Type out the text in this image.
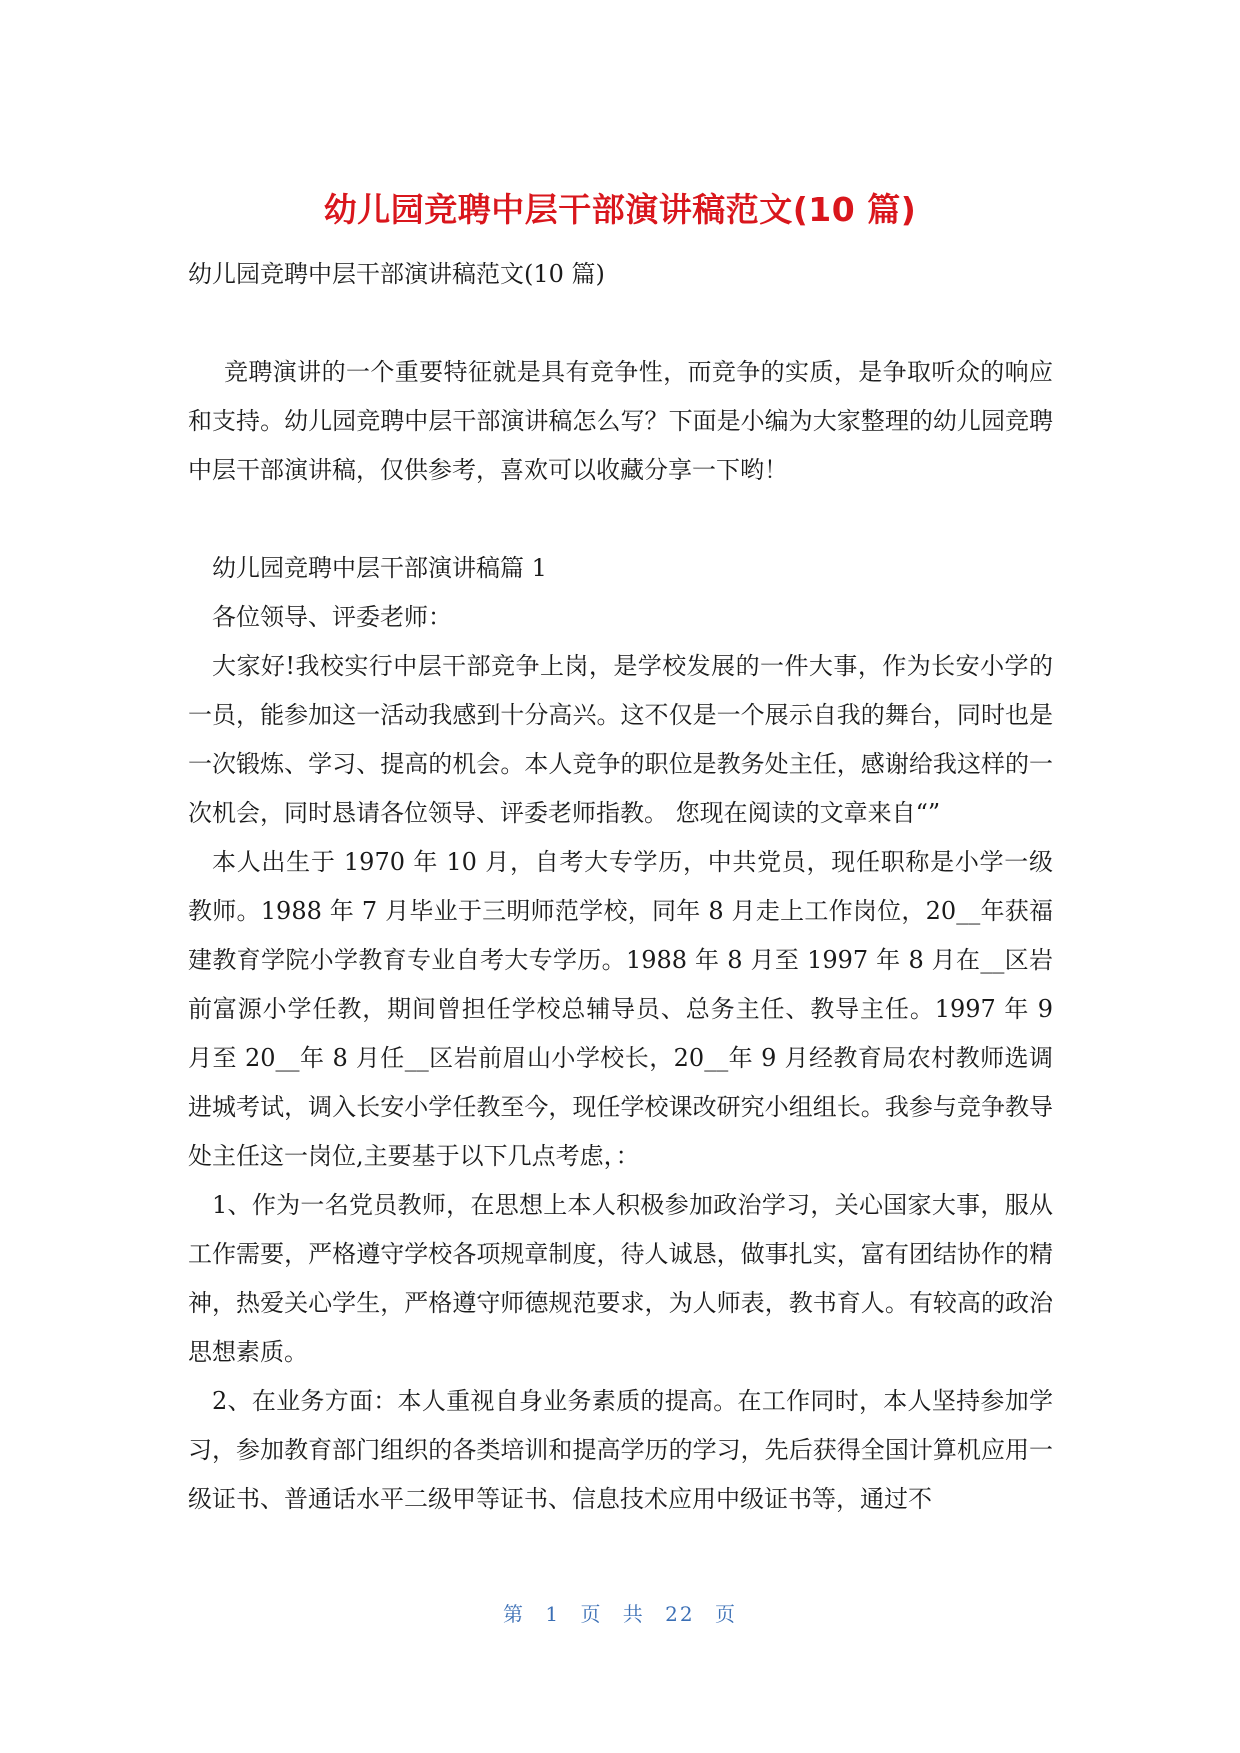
幼儿园竞聘中层干部演讲稿范文(10 篇)

幼儿园竞聘中层干部演讲稿范文(10 篇)

竞聘演讲的一个重要特征就是具有竞争性，而竞争的实质，是争取听众的响应和支持。幼儿园竞聘中层干部演讲稿怎么写？下面是小编为大家整理的幼儿园竞聘中层干部演讲稿，仅供参考，喜欢可以收藏分享一下哟！

幼儿园竞聘中层干部演讲稿篇 1

各位领导、评委老师：

大家好!我校实行中层干部竞争上岗，是学校发展的一件大事，作为长安小学的一员，能参加这一活动我感到十分高兴。这不仅是一个展示自我的舞台，同时也是一次锻炼、学习、提高的机会。本人竞争的职位是教务处主任，感谢给我这样的一次机会，同时恳请各位领导、评委老师指教。 您现在阅读的文章来自“”

本人出生于 1970 年 10 月，自考大专学历，中共党员，现任职称是小学一级教师。1988 年 7 月毕业于三明师范学校，同年 8 月走上工作岗位，20__年获福建教育学院小学教育专业自考大专学历。1988 年 8 月至 1997 年 8 月在__区岩前富源小学任教，期间曾担任学校总辅导员、总务主任、教导主任。1997 年 9 月至 20__年 8 月任__区岩前眉山小学校长，20__年 9 月经教育局农村教师选调进城考试，调入长安小学任教至今，现任学校课改研究小组组长。我参与竞争教导处主任这一岗位,主要基于以下几点考虑，：

1、作为一名党员教师，在思想上本人积极参加政治学习，关心国家大事，服从工作需要，严格遵守学校各项规章制度，待人诚恳，做事扎实，富有团结协作的精神，热爱关心学生，严格遵守师德规范要求，为人师表，教书育人。有较高的政治思想素质。

2、在业务方面：本人重视自身业务素质的提高。在工作同时，本人坚持参加学习，参加教育部门组织的各类培训和提高学历的学习，先后获得全国计算机应用一级证书、普通话水平二级甲等证书、信息技术应用中级证书等，通过不

第 1 页 共 22 页
